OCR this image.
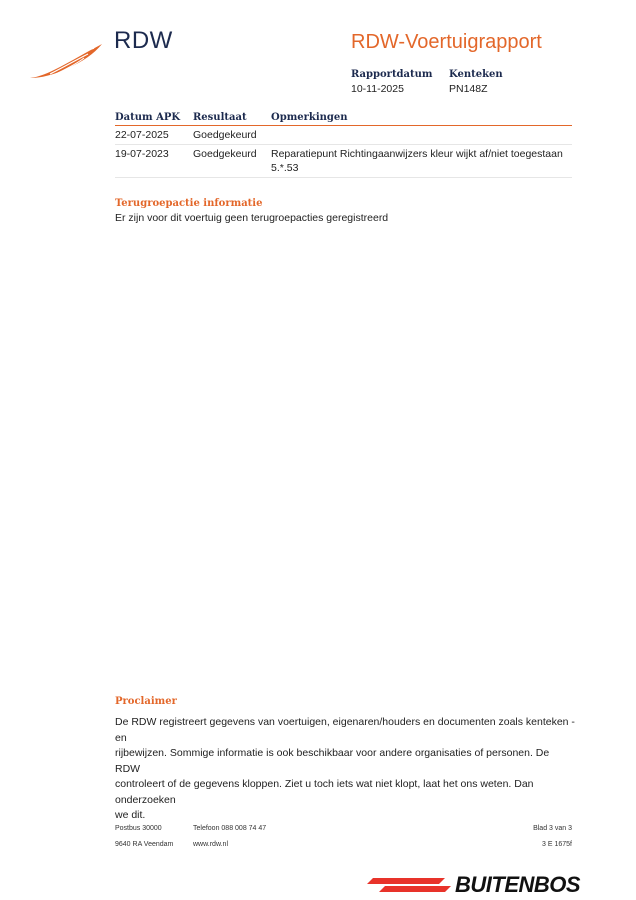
RDW	RDW-Voertuigrapport
Rapportdatum
10-11-2025
Kenteken
PN148Z
Datum APK	Resultaat	Opmerkingen
22-07-2025	Goedgekeurd	
19-07-2023	Goedgekeurd	Reparatiepunt Richtingaanwijzers kleur wijkt af/niet toegestaan
5.*.53
Terugroepactie informatie
Er zijn voor dit voertuig geen terugroepacties geregistreerd
Proclaimer
De RDW registreert gegevens van voertuigen, eigenaren/houders en documenten zoals kenteken - en
rijbewijzen. Sommige informatie is ook beschikbaar voor andere organisaties of personen. De RDW
controleert of de gegevens kloppen. Ziet u toch iets wat niet klopt, laat het ons weten. Dan onderzoeken
we dit.
Postbus 30000
9640 RA Veendam
Telefoon 088 008 74 47
www.rdw.nl
Blad 3 van 3
3 E 1675f
BUITENBOS
